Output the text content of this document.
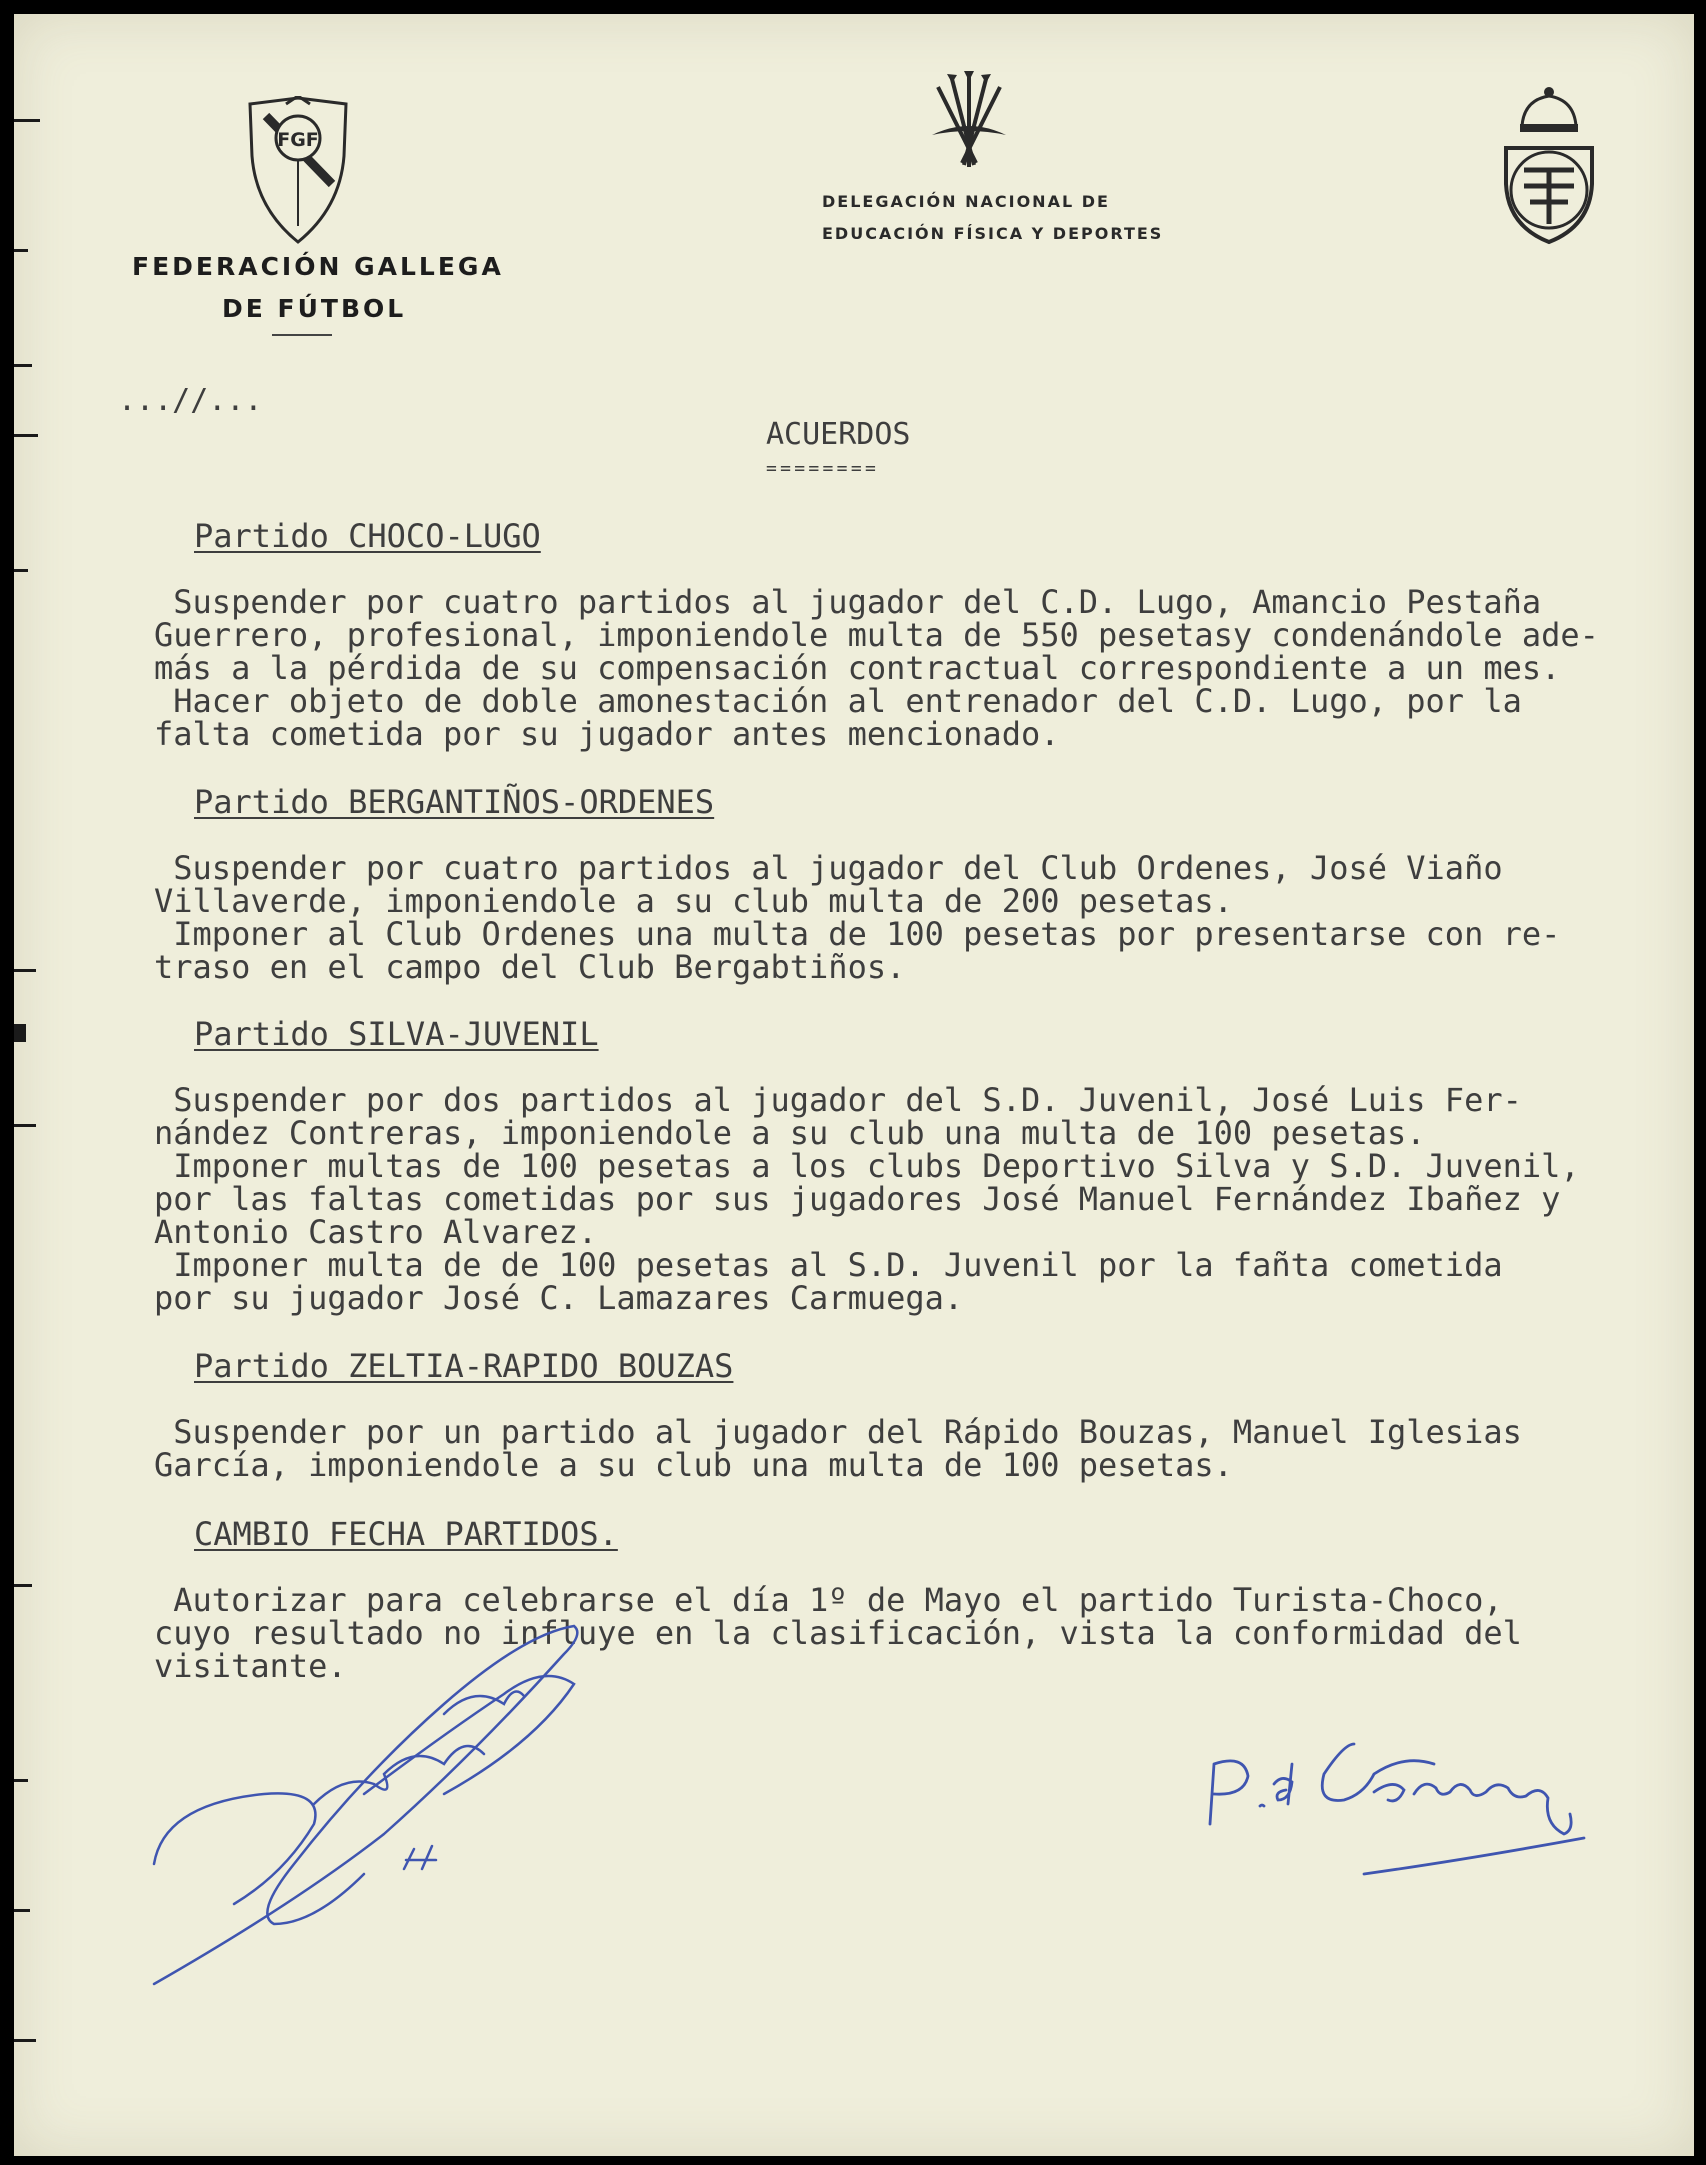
FGF
FEDERACIÓN GALLEGA
DE FÚTBOL
DELEGACIÓN NACIONAL DE
EDUCACIÓN FÍSICA Y DEPORTES
...//...
ACUERDOS
========
Partido CHOCO-LUGO
Suspender por cuatro partidos al jugador del C.D. Lugo, Amancio Pestaña
Guerrero, profesional, imponiendole multa de 550 pesetasy condenándole ade-
más a la pérdida de su compensación contractual correspondiente a un mes.
Hacer objeto de doble amonestación al entrenador del C.D. Lugo, por la
falta cometida por su jugador antes mencionado.
Partido BERGANTIÑOS-ORDENES
Suspender por cuatro partidos al jugador del Club Ordenes, José Viaño
Villaverde, imponiendole a su club multa de 200 pesetas.
Imponer al Club Ordenes una multa de 100 pesetas por presentarse con re-
traso en el campo del Club Bergabtiños.
Partido SILVA-JUVENIL
Suspender por dos partidos al jugador del S.D. Juvenil, José Luis Fer-
nández Contreras, imponiendole a su club una multa de 100 pesetas.
Imponer multas de 100 pesetas a los clubs Deportivo Silva y S.D. Juvenil,
por las faltas cometidas por sus jugadores José Manuel Fernández Ibañez y
Antonio Castro Alvarez.
Imponer multa de de 100 pesetas al S.D. Juvenil por la fañta cometida
por su jugador José C. Lamazares Carmuega.
Partido ZELTIA-RAPIDO BOUZAS
Suspender por un partido al jugador del Rápido Bouzas, Manuel Iglesias
García, imponiendole a su club una multa de 100 pesetas.
CAMBIO FECHA PARTIDOS.
Autorizar para celebrarse el día 1º de Mayo el partido Turista-Choco,
cuyo resultado no influye en la clasificación, vista la conformidad del
visitante.
